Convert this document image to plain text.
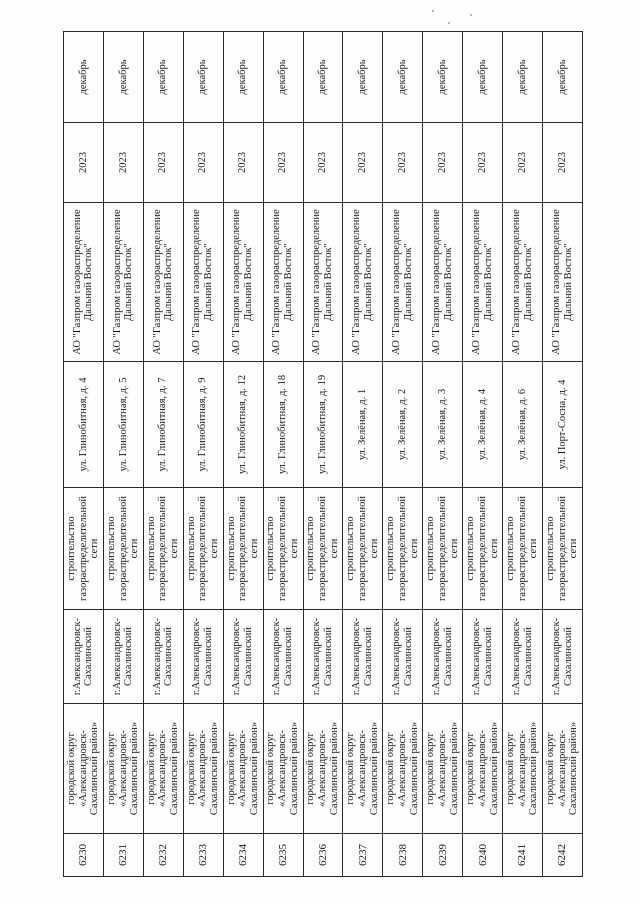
6230	городской округ «Александровск-Сахалинский район»	г.Александровск-Сахалинский	строительство газораспределительной сети	ул. Глинобитная, д. 4	АО "Газпром газораспределение Дальний Восток"	2023	декабрь
6231	городской округ «Александровск-Сахалинский район»	г.Александровск-Сахалинский	строительство газораспределительной сети	ул. Глинобитная, д. 5	АО "Газпром газораспределение Дальний Восток"	2023	декабрь
6232	городской округ «Александровск-Сахалинский район»	г.Александровск-Сахалинский	строительство газораспределительной сети	ул. Глинобитная, д. 7	АО "Газпром газораспределение Дальний Восток"	2023	декабрь
6233	городской округ «Александровск-Сахалинский район»	г.Александровск-Сахалинский	строительство газораспределительной сети	ул. Глинобитная, д. 9	АО "Газпром газораспределение Дальний Восток"	2023	декабрь
6234	городской округ «Александровск-Сахалинский район»	г.Александровск-Сахалинский	строительство газораспределительной сети	ул. Глинобитная, д. 12	АО "Газпром газораспределение Дальний Восток"	2023	декабрь
6235	городской округ «Александровск-Сахалинский район»	г.Александровск-Сахалинский	строительство газораспределительной сети	ул. Глинобитная, д. 18	АО "Газпром газораспределение Дальний Восток"	2023	декабрь
6236	городской округ «Александровск-Сахалинский район»	г.Александровск-Сахалинский	строительство газораспределительной сети	ул. Глинобитная, д. 19	АО "Газпром газораспределение Дальний Восток"	2023	декабрь
6237	городской округ «Александровск-Сахалинский район»	г.Александровск-Сахалинский	строительство газораспределительной сети	ул. Зелёная, д. 1	АО "Газпром газораспределение Дальний Восток"	2023	декабрь
6238	городской округ «Александровск-Сахалинский район»	г.Александровск-Сахалинский	строительство газораспределительной сети	ул. Зелёная, д. 2	АО "Газпром газораспределение Дальний Восток"	2023	декабрь
6239	городской округ «Александровск-Сахалинский район»	г.Александровск-Сахалинский	строительство газораспределительной сети	ул. Зелёная, д. 3	АО "Газпром газораспределение Дальний Восток"	2023	декабрь
6240	городской округ «Александровск-Сахалинский район»	г.Александровск-Сахалинский	строительство газораспределительной сети	ул. Зелёная, д. 4	АО "Газпром газораспределение Дальний Восток"	2023	декабрь
6241	городской округ «Александровск-Сахалинский район»	г.Александровск-Сахалинский	строительство газораспределительной сети	ул. Зелёная, д. 6	АО "Газпром газораспределение Дальний Восток"	2023	декабрь
6242	городской округ «Александровск-Сахалинский район»	г.Александровск-Сахалинский	строительство газораспределительной сети	ул. Порт-Сосна, д. 4	АО "Газпром газораспределение Дальний Восток"	2023	декабрь
